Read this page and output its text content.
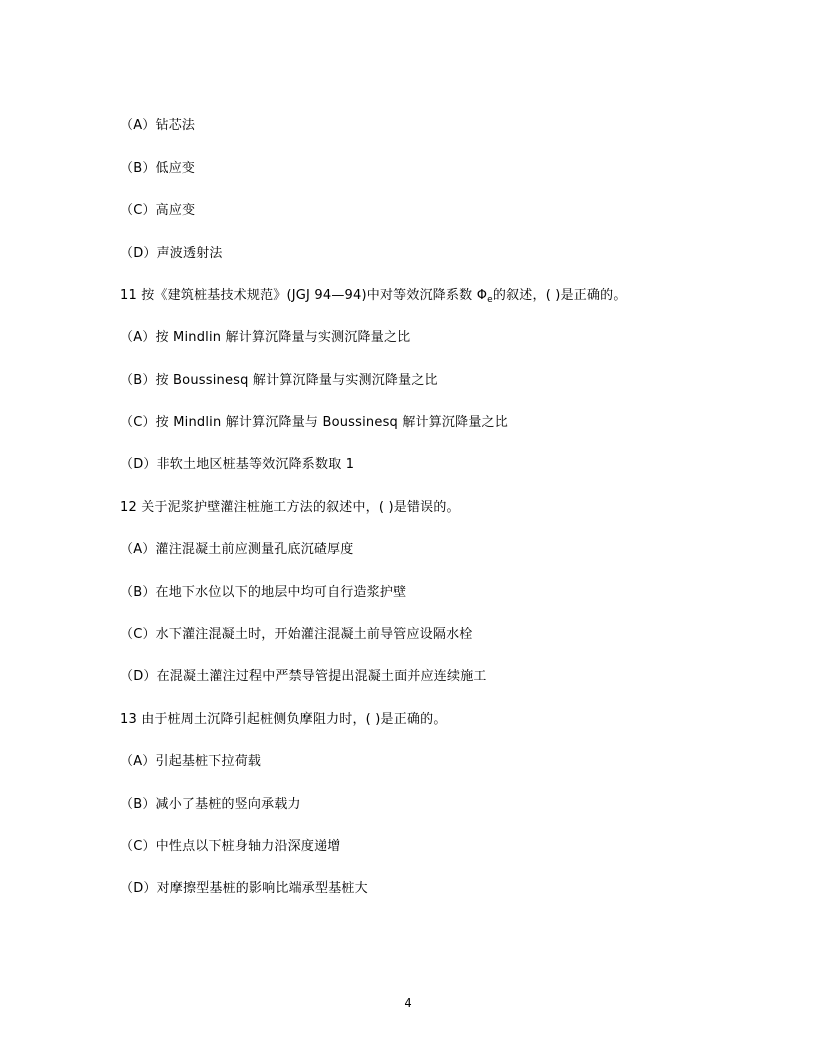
（A）钻芯法
（B）低应变
（C）高应变
（D）声波透射法
11 按《建筑桩基技术规范》(JGJ 94—94)中对等效沉降系数 $\Phi_e$的叙述，( )是正确的。
（A）按 Mindlin 解计算沉降量与实测沉降量之比
（B）按 Boussinesq 解计算沉降量与实测沉降量之比
（C）按 Mindlin 解计算沉降量与 Boussinesq 解计算沉降量之比
（D）非软土地区桩基等效沉降系数取 1
12 关于泥浆护壁灌注桩施工方法的叙述中，( )是错误的。
（A）灌注混凝土前应测量孔底沉碴厚度
（B）在地下水位以下的地层中均可自行造浆护壁
（C）水下灌注混凝土时，开始灌注混凝土前导管应设隔水栓
（D）在混凝土灌注过程中严禁导管提出混凝土面并应连续施工
13 由于桩周土沉降引起桩侧负摩阻力时，( )是正确的。
（A）引起基桩下拉荷载
（B）减小了基桩的竖向承载力
（C）中性点以下桩身轴力沿深度递增
（D）对摩擦型基桩的影响比端承型基桩大
4
